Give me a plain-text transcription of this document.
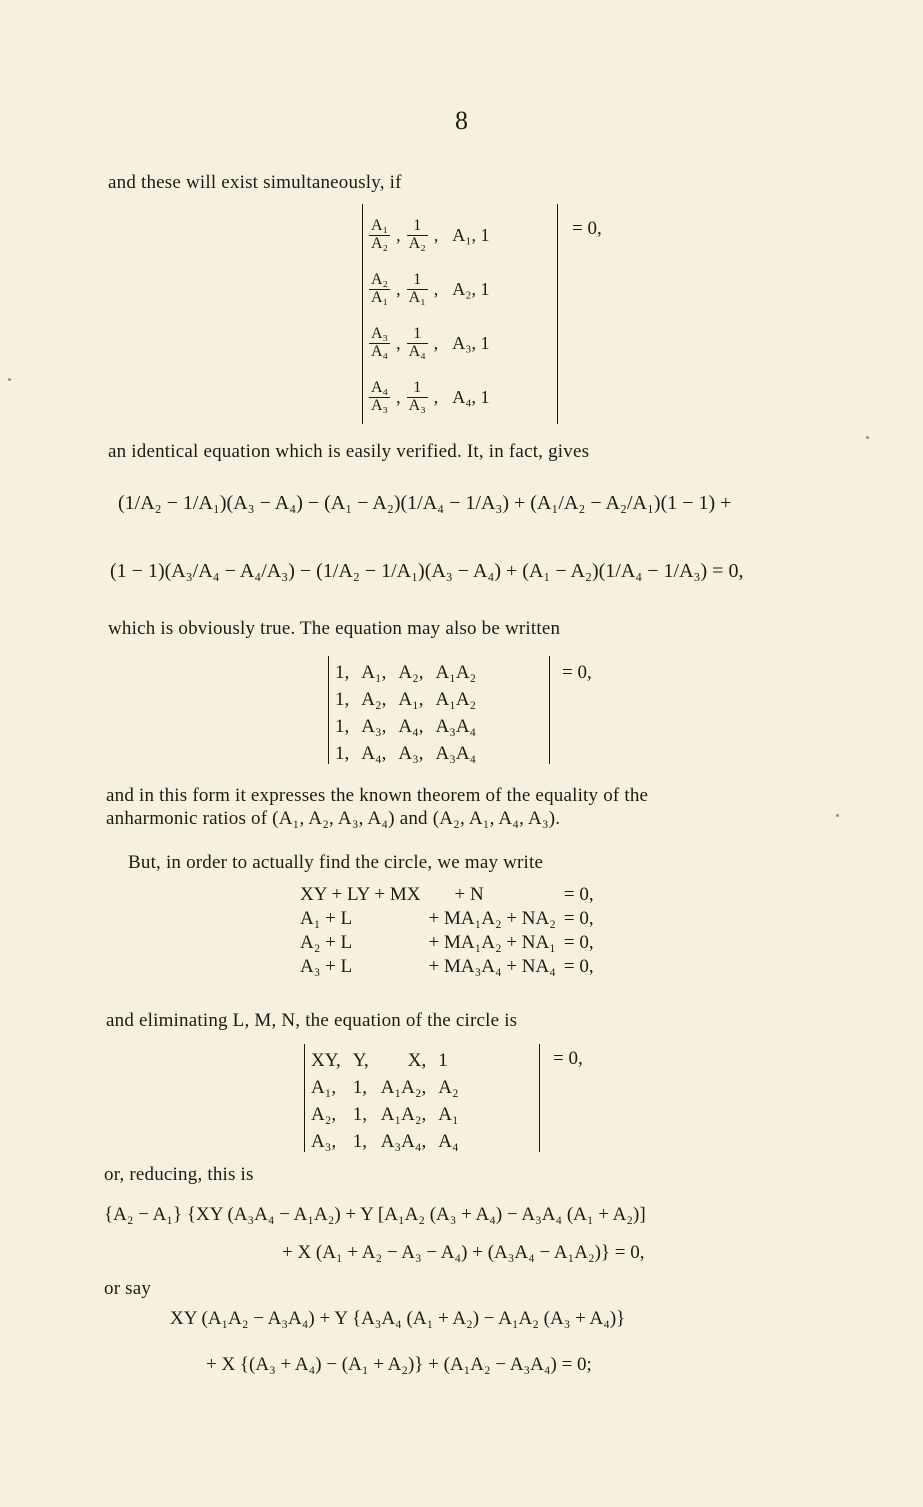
8
and these will exist simultaneously, if
$\frac{\text{A₁}}{\text{A₂}}$ , $\frac{1}{\text{A₂}}$ , A₁, 1

$\frac{\text{A₂}}{\text{A₁}}$ , $\frac{1}{\text{A₁}}$ , A₂, 1

$\frac{\text{A₃}}{\text{A₄}}$ , $\frac{1}{\text{A₄}}$ , A₃, 1

$\frac{\text{A₄}}{\text{A₃}}$ , $\frac{1}{\text{A₃}}$ , A₄, 1
= 0,
an identical equation which is easily verified. It, in fact, gives
(1/A₂ − 1/A₁)(A₃ − A₄) − (A₁ − A₂)(1/A₄ − 1/A₃) + (A₁/A₂ − A₂/A₁)(1 − 1) +
(1 − 1)(A₃/A₄ − A₄/A₃) − (1/A₂ − 1/A₁)(A₃ − A₄) + (A₁ − A₂)(1/A₄ − 1/A₃) = 0,
which is obviously true. The equation may also be written
1,	A₁,	A₂,	A₁A₂
1,	A₂,	A₁,	A₁A₂
1,	A₃,	A₄,	A₃A₄
1,	A₄,	A₃,	A₃A₄
= 0,
and in this form it expresses the known theorem of the equality of the
anharmonic ratios of (A₁, A₂, A₃, A₄) and (A₂, A₁, A₄, A₃).
But, in order to actually find the circle, we may write
XY + LY + MX	+ N	= 0,
A₁ + L	+ MA₁A₂ + NA₂	= 0,
A₂ + L	+ MA₁A₂ + NA₁	= 0,
A₃ + L	+ MA₃A₄ + NA₄	= 0,
and eliminating L, M, N, the equation of the circle is
XY,	Y,	X,	1
A₁,	1,	A₁A₂,	A₂
A₂,	1,	A₁A₂,	A₁
A₃,	1,	A₃A₄,	A₄
= 0,
or, reducing, this is
{A₂ − A₁} {XY (A₃A₄ − A₁A₂) + Y [A₁A₂ (A₃ + A₄) − A₃A₄ (A₁ + A₂)]
+ X (A₁ + A₂ − A₃ − A₄) + (A₃A₄ − A₁A₂)} = 0,
or say
XY (A₁A₂ − A₃A₄) + Y {A₃A₄ (A₁ + A₂) − A₁A₂ (A₃ + A₄)}
+ X {(A₃ + A₄) − (A₁ + A₂)} + (A₁A₂ − A₃A₄) = 0;
